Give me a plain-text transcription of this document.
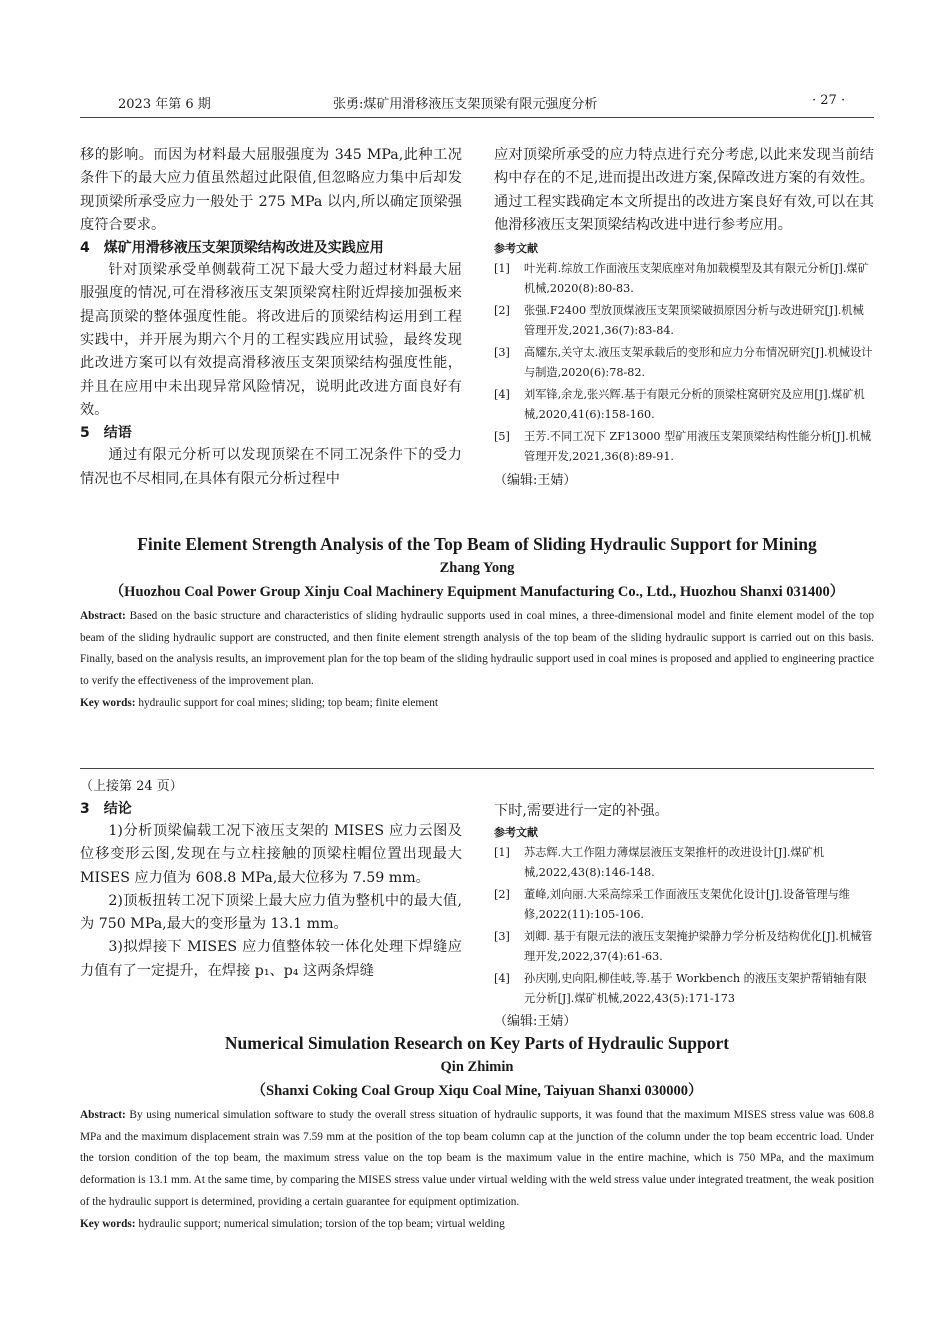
2023 年第 6 期	张勇:煤矿用滑移液压支架顶梁有限元强度分析	· 27 ·

移的影响。而因为材料最大屈服强度为 345 MPa,此种工况条件下的最大应力值虽然超过此限值,但忽略应力集中后却发现顶梁所承受应力一般处于 275 MPa 以内,所以确定顶梁强度符合要求。

4　煤矿用滑移液压支架顶梁结构改进及实践应用

针对顶梁承受单侧载荷工况下最大受力超过材料最大屈服强度的情况,可在滑移液压支架顶梁窝柱附近焊接加强板来提高顶梁的整体强度性能。将改进后的顶梁结构运用到工程实践中，并开展为期六个月的工程实践应用试验，最终发现此改进方案可以有效提高滑移液压支架顶梁结构强度性能，并且在应用中未出现异常风险情况，说明此改进方面良好有效。

5　结语

通过有限元分析可以发现顶梁在不同工况条件下的受力情况也不尽相同,在具体有限元分析过程中

应对顶梁所承受的应力特点进行充分考虑,以此来发现当前结构中存在的不足,进而提出改进方案,保障改进方案的有效性。通过工程实践确定本文所提出的改进方案良好有效,可以在其他滑移液压支架顶梁结构改进中进行参考应用。

参考文献

[1]	叶光莉.综放工作面液压支架底座对角加载模型及其有限元分析[J].煤矿机械,2020(8):80-83.
[2]	张强.F2400 型放顶煤液压支架顶梁破损原因分析与改进研究[J].机械管理开发,2021,36(7):83-84.
[3]	高耀东,关守太.液压支架承载后的变形和应力分布情况研究[J].机械设计与制造,2020(6):78-82.
[4]	刘军锋,余龙,张兴辉.基于有限元分析的顶梁柱窝研究及应用[J].煤矿机械,2020,41(6):158-160.
[5]	王芳.不同工况下 ZF13000 型矿用液压支架顶梁结构性能分析[J].机械管理开发,2021,36(8):89-91.

（编辑:王婧）

Finite Element Strength Analysis of the Top Beam of Sliding Hydraulic Support for Mining

Zhang Yong

（Huozhou Coal Power Group Xinju Coal Machinery Equipment Manufacturing Co., Ltd., Huozhou Shanxi 031400）

Abstract: Based on the basic structure and characteristics of sliding hydraulic supports used in coal mines, a three-dimensional model and finite element model of the top beam of the sliding hydraulic support are constructed, and then finite element strength analysis of the top beam of the sliding hydraulic support is carried out on this basis. Finally, based on the analysis results, an improvement plan for the top beam of the sliding hydraulic support used in coal mines is proposed and applied to engineering practice to verify the effectiveness of the improvement plan.

Key words: hydraulic support for coal mines; sliding; top beam; finite element

（上接第 24 页）

3　结论

1)分析顶梁偏载工况下液压支架的 MISES 应力云图及位移变形云图,发现在与立柱接触的顶梁柱帽位置出现最大 MISES 应力值为 608.8 MPa,最大位移为 7.59 mm。

2)顶板扭转工况下顶梁上最大应力值为整机中的最大值,为 750 MPa,最大的变形量为 13.1 mm。

3)拟焊接下 MISES 应力值整体较一体化处理下焊缝应力值有了一定提升，在焊接 p₁、p₄ 这两条焊缝

下时,需要进行一定的补强。

参考文献

[1]	苏志辉.大工作阻力薄煤层液压支架推杆的改进设计[J].煤矿机械,2022,43(8):146-148.
[2]	董峰,刘向丽.大采高综采工作面液压支架优化设计[J].设备管理与维修,2022(11):105-106.
[3]	刘卿. 基于有限元法的液压支架掩护梁静力学分析及结构优化[J].机械管理开发,2022,37(4):61-63.
[4]	孙庆刚,史向阳,柳佳岐,等.基于 Workbench 的液压支架护帮销轴有限元分析[J].煤矿机械,2022,43(5):171-173

（编辑:王婧）

Numerical Simulation Research on Key Parts of Hydraulic Support

Qin Zhimin

（Shanxi Coking Coal Group Xiqu Coal Mine, Taiyuan Shanxi 030000）

Abstract: By using numerical simulation software to study the overall stress situation of hydraulic supports, it was found that the maximum MISES stress value was 608.8 MPa and the maximum displacement strain was 7.59 mm at the position of the top beam column cap at the junction of the column under the top beam eccentric load. Under the torsion condition of the top beam, the maximum stress value on the top beam is the maximum value in the entire machine, which is 750 MPa, and the maximum deformation is 13.1 mm. At the same time, by comparing the MISES stress value under virtual welding with the weld stress value under integrated treatment, the weak position of the hydraulic support is determined, providing a certain guarantee for equipment optimization.

Key words: hydraulic support; numerical simulation; torsion of the top beam; virtual welding
